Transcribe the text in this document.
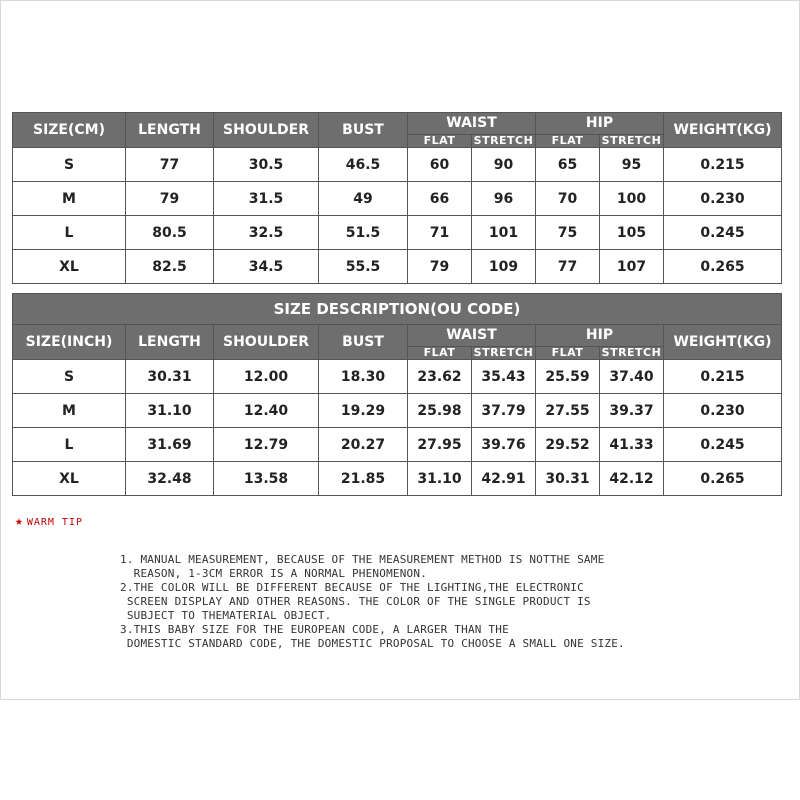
SIZE(CM)	LENGTH	SHOULDER	BUST	WAIST		HIP		WEIGHT(KG)
				FLAT	STRETCH	FLAT	STRETCH	
S	77	30.5	46.5	60	90	65	95	0.215
M	79	31.5	49	66	96	70	100	0.230
L	80.5	32.5	51.5	71	101	75	105	0.245
XL	82.5	34.5	55.5	79	109	77	107	0.265
SIZE DESCRIPTION(OU CODE)								
SIZE(INCH)	LENGTH	SHOULDER	BUST	WAIST		HIP		WEIGHT(KG)
				FLAT	STRETCH	FLAT	STRETCH	
S	30.31	12.00	18.30	23.62	35.43	25.59	37.40	0.215
M	31.10	12.40	19.29	25.98	37.79	27.55	39.37	0.230
L	31.69	12.79	20.27	27.95	39.76	29.52	41.33	0.245
XL	32.48	13.58	21.85	31.10	42.91	30.31	42.12	0.265
★ WARM TIP
1. MANUAL MEASUREMENT, BECAUSE OF THE MEASUREMENT METHOD IS NOTTHE SAME
REASON, 1-3CM ERROR IS A NORMAL PHENOMENON.
2.THE COLOR WILL BE DIFFERENT BECAUSE OF THE LIGHTING,THE ELECTRONIC
SCREEN DISPLAY AND OTHER REASONS. THE COLOR OF THE SINGLE PRODUCT IS
SUBJECT TO THEMATERIAL OBJECT.
3.THIS BABY SIZE FOR THE EUROPEAN CODE, A LARGER THAN THE
DOMESTIC STANDARD CODE, THE DOMESTIC PROPOSAL TO CHOOSE A SMALL ONE SIZE.
